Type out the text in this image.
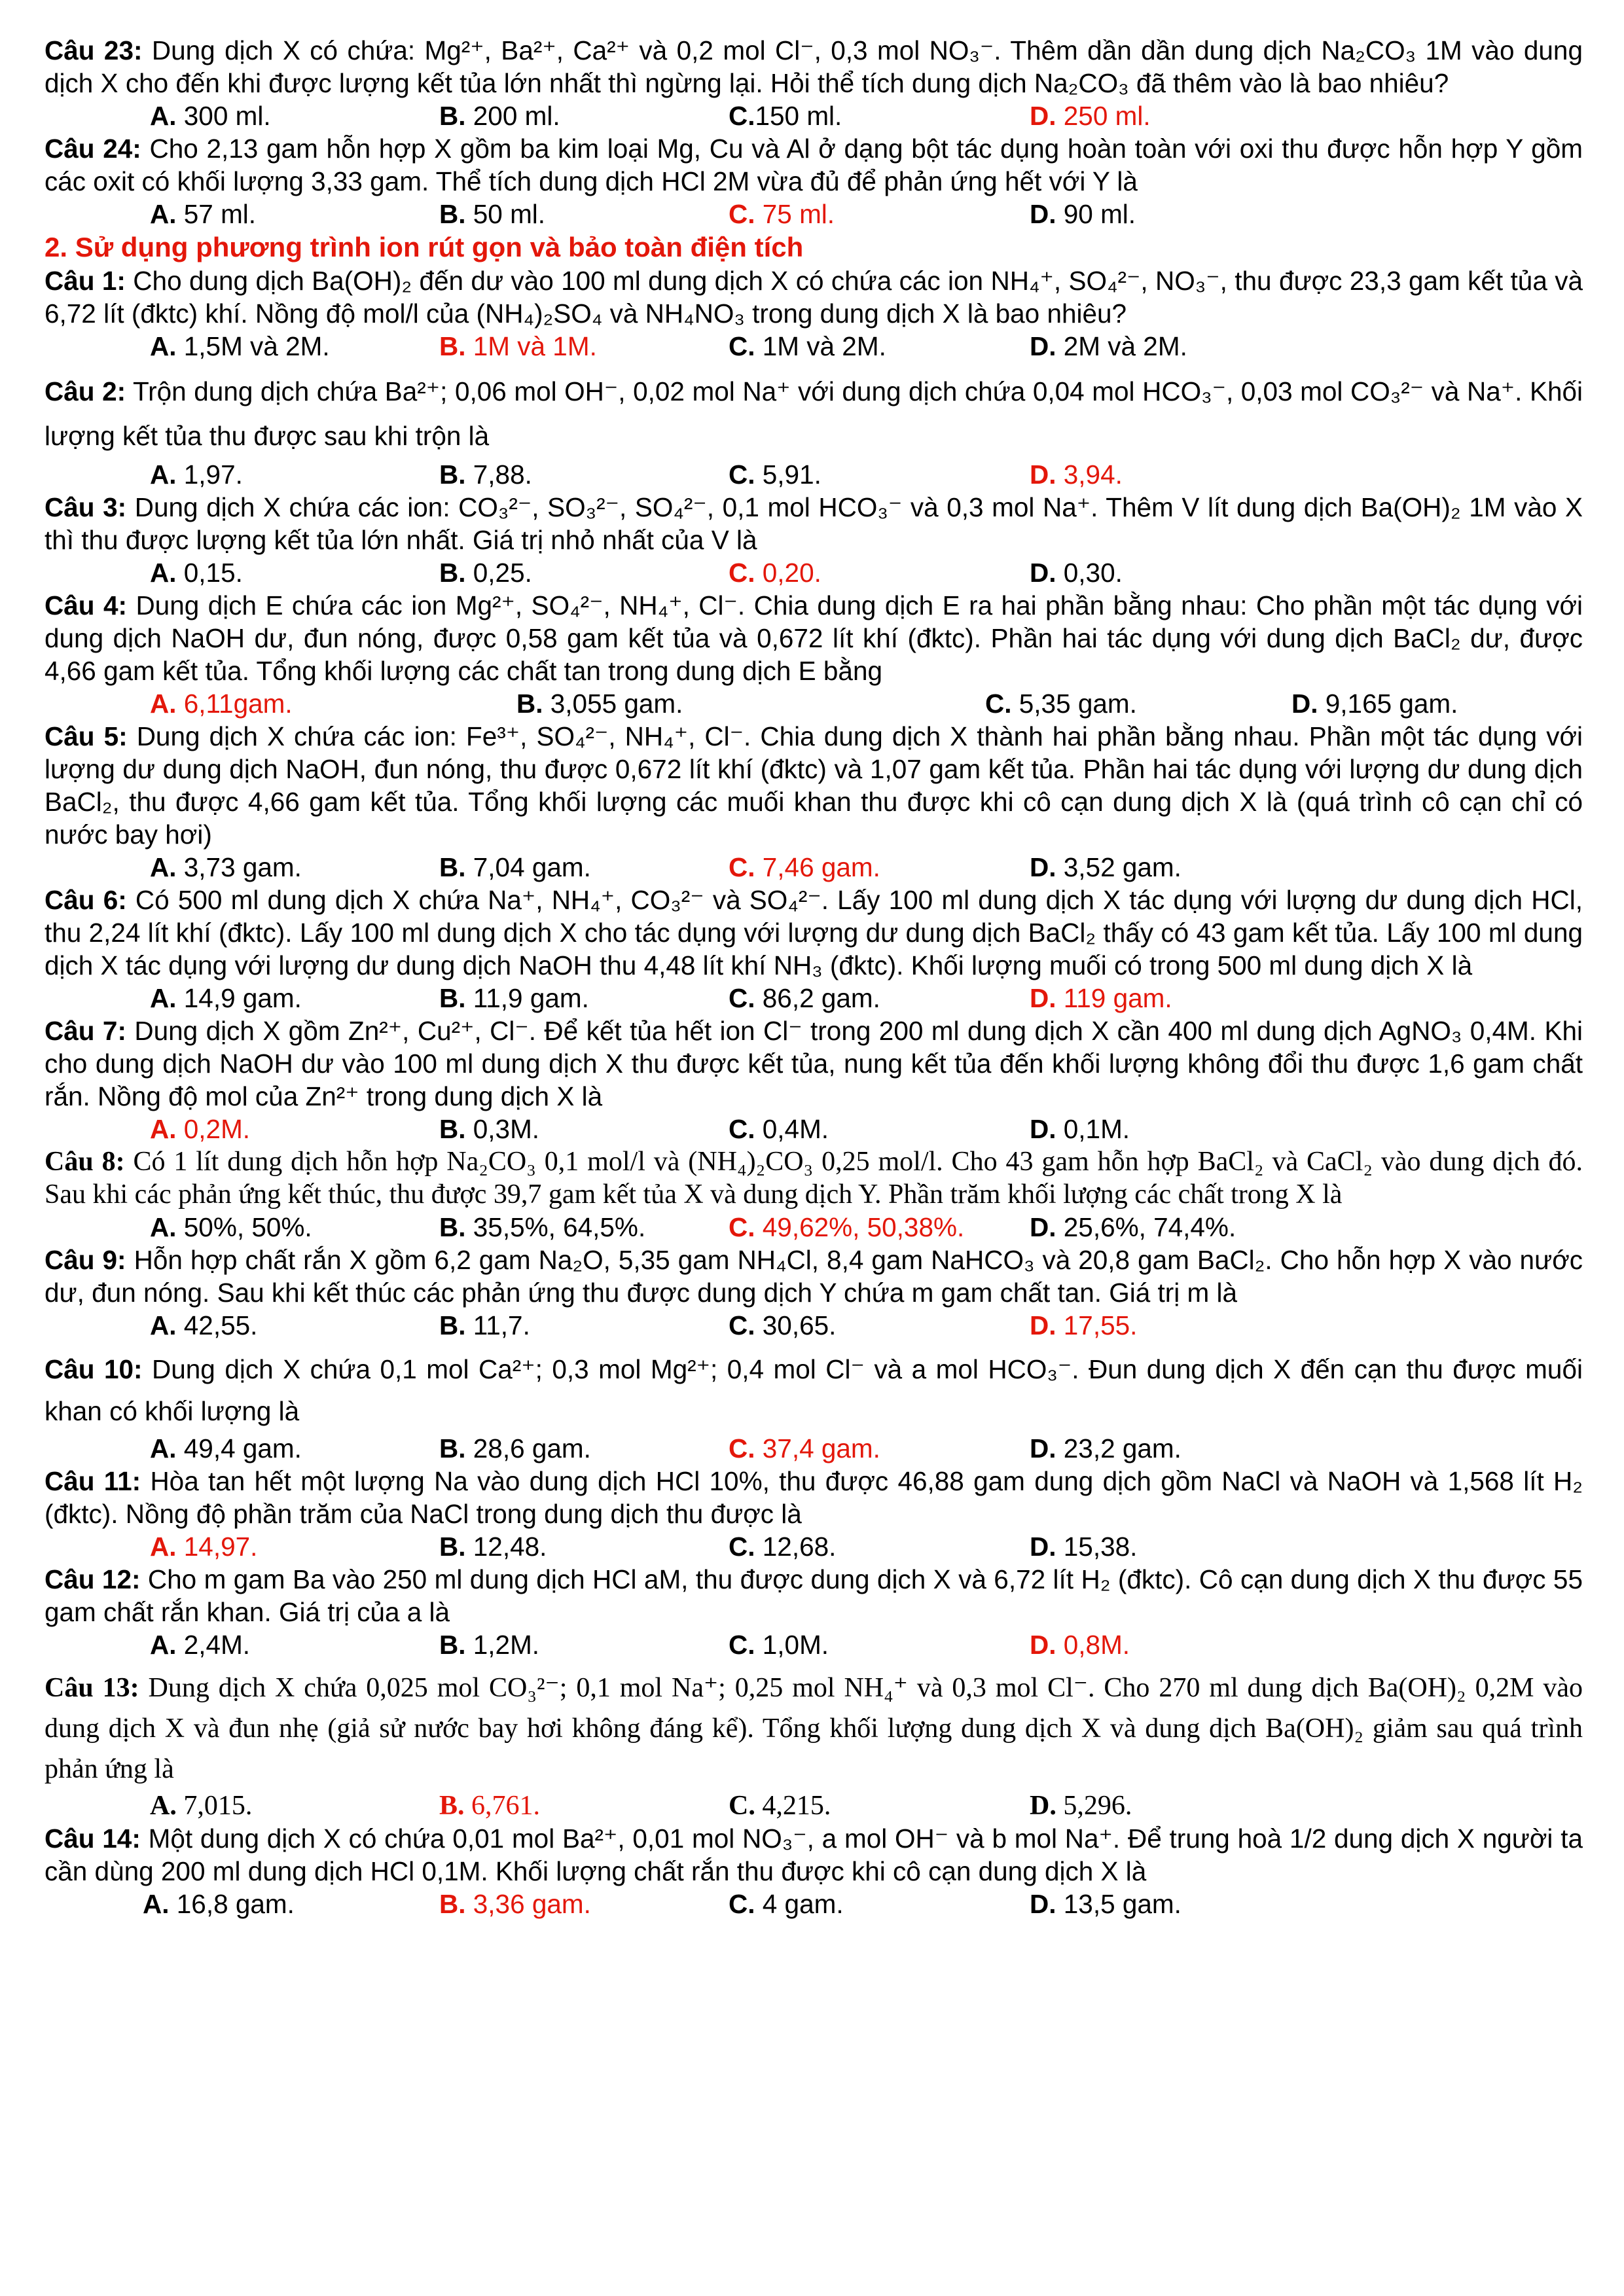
Câu 23: Dung dịch X có chứa: Mg²⁺, Ba²⁺, Ca²⁺ và 0,2 mol Cl⁻, 0,3 mol NO₃⁻. Thêm dần dần dung dịch Na₂CO₃ 1M vào dung dịch X cho đến khi được lượng kết tủa lớn nhất thì ngừng lại. Hỏi thể tích dung dịch Na₂CO₃ đã thêm vào là bao nhiêu?

A. 300 ml.	B. 200 ml.	C.150 ml.	D. 250 ml.

Câu 24: Cho 2,13 gam hỗn hợp X gồm ba kim loại Mg, Cu và Al ở dạng bột tác dụng hoàn toàn với oxi thu được hỗn hợp Y gồm các oxit có khối lượng 3,33 gam. Thể tích dung dịch HCl 2M vừa đủ để phản ứng hết với Y là

A. 57 ml.	B. 50 ml.	C. 75 ml.	D. 90 ml.

2. Sử dụng phương trình ion rút gọn và bảo toàn điện tích

Câu 1: Cho dung dịch Ba(OH)₂ đến dư vào 100 ml dung dịch X có chứa các ion NH₄⁺, SO₄²⁻, NO₃⁻, thu được 23,3 gam kết tủa và 6,72 lít (đktc) khí. Nồng độ mol/l của (NH₄)₂SO₄ và NH₄NO₃ trong dung dịch X là bao nhiêu?

A. 1,5M và 2M.	B. 1M và 1M.	C. 1M và 2M.	D. 2M và 2M.

Câu 2: Trộn dung dịch chứa Ba²⁺; 0,06 mol OH⁻, 0,02 mol Na⁺ với dung dịch chứa 0,04 mol HCO₃⁻, 0,03 mol CO₃²⁻ và Na⁺. Khối lượng kết tủa thu được sau khi trộn là

A. 1,97.	B. 7,88.	C. 5,91.	D. 3,94.

Câu 3: Dung dịch X chứa các ion: CO₃²⁻, SO₃²⁻, SO₄²⁻, 0,1 mol HCO₃⁻ và 0,3 mol Na⁺. Thêm V lít dung dịch Ba(OH)₂ 1M vào X thì thu được lượng kết tủa lớn nhất. Giá trị nhỏ nhất của V là

A. 0,15.	B. 0,25.	C. 0,20.	D. 0,30.

Câu 4: Dung dịch E chứa các ion Mg²⁺, SO₄²⁻, NH₄⁺, Cl⁻. Chia dung dịch E ra hai phần bằng nhau: Cho phần một tác dụng với dung dịch NaOH dư, đun nóng, được 0,58 gam kết tủa và 0,672 lít khí (đktc). Phần hai tác dụng với dung dịch BaCl₂ dư, được 4,66 gam kết tủa. Tổng khối lượng các chất tan trong dung dịch E bằng

A. 6,11gam.	B. 3,055 gam.	C. 5,35 gam.	D. 9,165 gam.

Câu 5: Dung dịch X chứa các ion: Fe³⁺, SO₄²⁻, NH₄⁺, Cl⁻. Chia dung dịch X thành hai phần bằng nhau. Phần một tác dụng với lượng dư dung dịch NaOH, đun nóng, thu được 0,672 lít khí (đktc) và 1,07 gam kết tủa. Phần hai tác dụng với lượng dư dung dịch BaCl₂, thu được 4,66 gam kết tủa. Tổng khối lượng các muối khan thu được khi cô cạn dung dịch X là (quá trình cô cạn chỉ có nước bay hơi)

A. 3,73 gam.	B. 7,04 gam.	C. 7,46 gam.	D. 3,52 gam.

Câu 6: Có 500 ml dung dịch X chứa Na⁺, NH₄⁺, CO₃²⁻ và SO₄²⁻. Lấy 100 ml dung dịch X tác dụng với lượng dư dung dịch HCl, thu 2,24 lít khí (đktc). Lấy 100 ml dung dịch X cho tác dụng với lượng dư dung dịch BaCl₂ thấy có 43 gam kết tủa. Lấy 100 ml dung dịch X tác dụng với lượng dư dung dịch NaOH thu 4,48 lít khí NH₃ (đktc). Khối lượng muối có trong 500 ml dung dịch X là

A. 14,9 gam.	B. 11,9 gam.	C. 86,2 gam.	D. 119 gam.

Câu 7: Dung dịch X gồm Zn²⁺, Cu²⁺, Cl⁻. Để kết tủa hết ion Cl⁻ trong 200 ml dung dịch X cần 400 ml dung dịch AgNO₃ 0,4M. Khi cho dung dịch NaOH dư vào 100 ml dung dịch X thu được kết tủa, nung kết tủa đến khối lượng không đổi thu được 1,6 gam chất rắn. Nồng độ mol của Zn²⁺ trong dung dịch X là

A. 0,2M.	B. 0,3M.	C. 0,4M.	D. 0,1M.

Câu 8: Có 1 lít dung dịch hỗn hợp Na₂CO₃ 0,1 mol/l và (NH₄)₂CO₃ 0,25 mol/l. Cho 43 gam hỗn hợp BaCl₂ và CaCl₂ vào dung dịch đó. Sau khi các phản ứng kết thúc, thu được 39,7 gam kết tủa X và dung dịch Y. Phần trăm khối lượng các chất trong X là

A. 50%, 50%.	B. 35,5%, 64,5%.	C. 49,62%, 50,38%.	D. 25,6%, 74,4%.

Câu 9: Hỗn hợp chất rắn X gồm 6,2 gam Na₂O, 5,35 gam NH₄Cl, 8,4 gam NaHCO₃ và 20,8 gam BaCl₂. Cho hỗn hợp X vào nước dư, đun nóng. Sau khi kết thúc các phản ứng thu được dung dịch Y chứa m gam chất tan. Giá trị m là

A. 42,55.	B. 11,7.	C. 30,65.	D. 17,55.

Câu 10: Dung dịch X chứa 0,1 mol Ca²⁺; 0,3 mol Mg²⁺; 0,4 mol Cl⁻ và a mol HCO₃⁻. Đun dung dịch X đến cạn thu được muối khan có khối lượng là

A. 49,4 gam.	B. 28,6 gam.	C. 37,4 gam.	D. 23,2 gam.

Câu 11: Hòa tan hết một lượng Na vào dung dịch HCl 10%, thu được 46,88 gam dung dịch gồm NaCl và NaOH và 1,568 lít H₂ (đktc). Nồng độ phần trăm của NaCl trong dung dịch thu được là

A. 14,97.	B. 12,48.	C. 12,68.	D. 15,38.

Câu 12: Cho m gam Ba vào 250 ml dung dịch HCl aM, thu được dung dịch X và 6,72 lít H₂ (đktc). Cô cạn dung dịch X thu được 55 gam chất rắn khan. Giá trị của a là

A. 2,4M.	B. 1,2M.	C. 1,0M.	D. 0,8M.

Câu 13: Dung dịch X chứa 0,025 mol CO₃²⁻; 0,1 mol Na⁺; 0,25 mol NH₄⁺ và 0,3 mol Cl⁻. Cho 270 ml dung dịch Ba(OH)₂ 0,2M vào dung dịch X và đun nhẹ (giả sử nước bay hơi không đáng kể). Tổng khối lượng dung dịch X và dung dịch Ba(OH)₂ giảm sau quá trình phản ứng là

A. 7,015.	B. 6,761.	C. 4,215.	D. 5,296.

Câu 14: Một dung dịch X có chứa 0,01 mol Ba²⁺, 0,01 mol NO₃⁻, a mol OH⁻ và b mol Na⁺. Để trung hoà 1/2 dung dịch X người ta cần dùng 200 ml dung dịch HCl 0,1M. Khối lượng chất rắn thu được khi cô cạn dung dịch X là

A. 16,8 gam.	B. 3,36 gam.	C. 4 gam.	D. 13,5 gam.
